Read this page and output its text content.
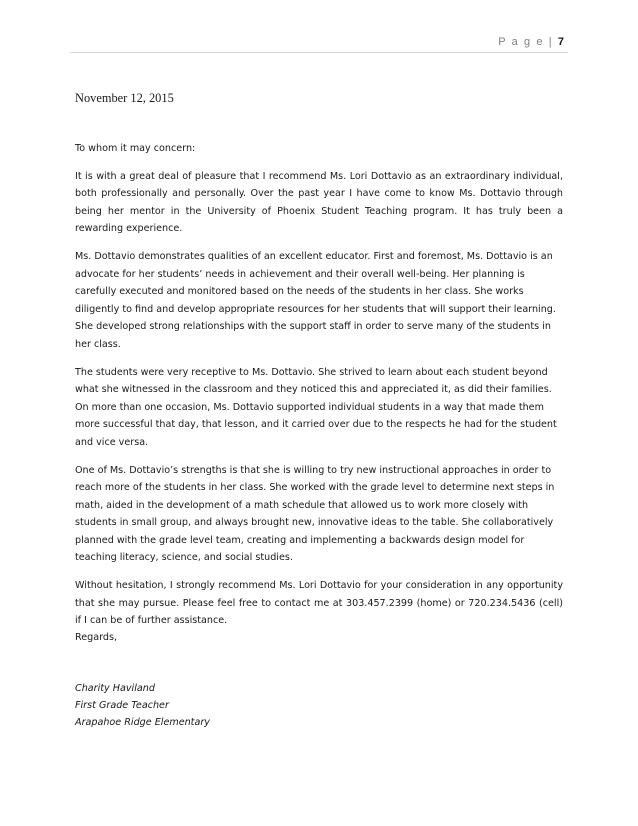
P a g e | 7
November 12, 2015

To whom it may concern:

It is with a great deal of pleasure that I recommend Ms. Lori Dottavio as an extraordinary individual, both professionally and personally. Over the past year I have come to know Ms. Dottavio through being her mentor in the University of Phoenix Student Teaching program. It has truly been a rewarding experience.

Ms. Dottavio demonstrates qualities of an excellent educator. First and foremost, Ms. Dottavio is an advocate for her students’ needs in achievement and their overall well-being. Her planning is carefully executed and monitored based on the needs of the students in her class. She works diligently to find and develop appropriate resources for her students that will support their learning. She developed strong relationships with the support staff in order to serve many of the students in her class.

The students were very receptive to Ms. Dottavio. She strived to learn about each student beyond what she witnessed in the classroom and they noticed this and appreciated it, as did their families. On more than one occasion, Ms. Dottavio supported individual students in a way that made them more successful that day, that lesson, and it carried over due to the respects he had for the student and vice versa.

One of Ms. Dottavio’s strengths is that she is willing to try new instructional approaches in order to reach more of the students in her class. She worked with the grade level to determine next steps in math, aided in the development of a math schedule that allowed us to work more closely with students in small group, and always brought new, innovative ideas to the table. She collaboratively planned with the grade level team, creating and implementing a backwards design model for teaching literacy, science, and social studies.

Without hesitation, I strongly recommend Ms. Lori Dottavio for your consideration in any opportunity that she may pursue. Please feel free to contact me at 303.457.2399 (home) or 720.234.5436 (cell) if I can be of further assistance.

Regards,
Charity Haviland
First Grade Teacher
Arapahoe Ridge Elementary
